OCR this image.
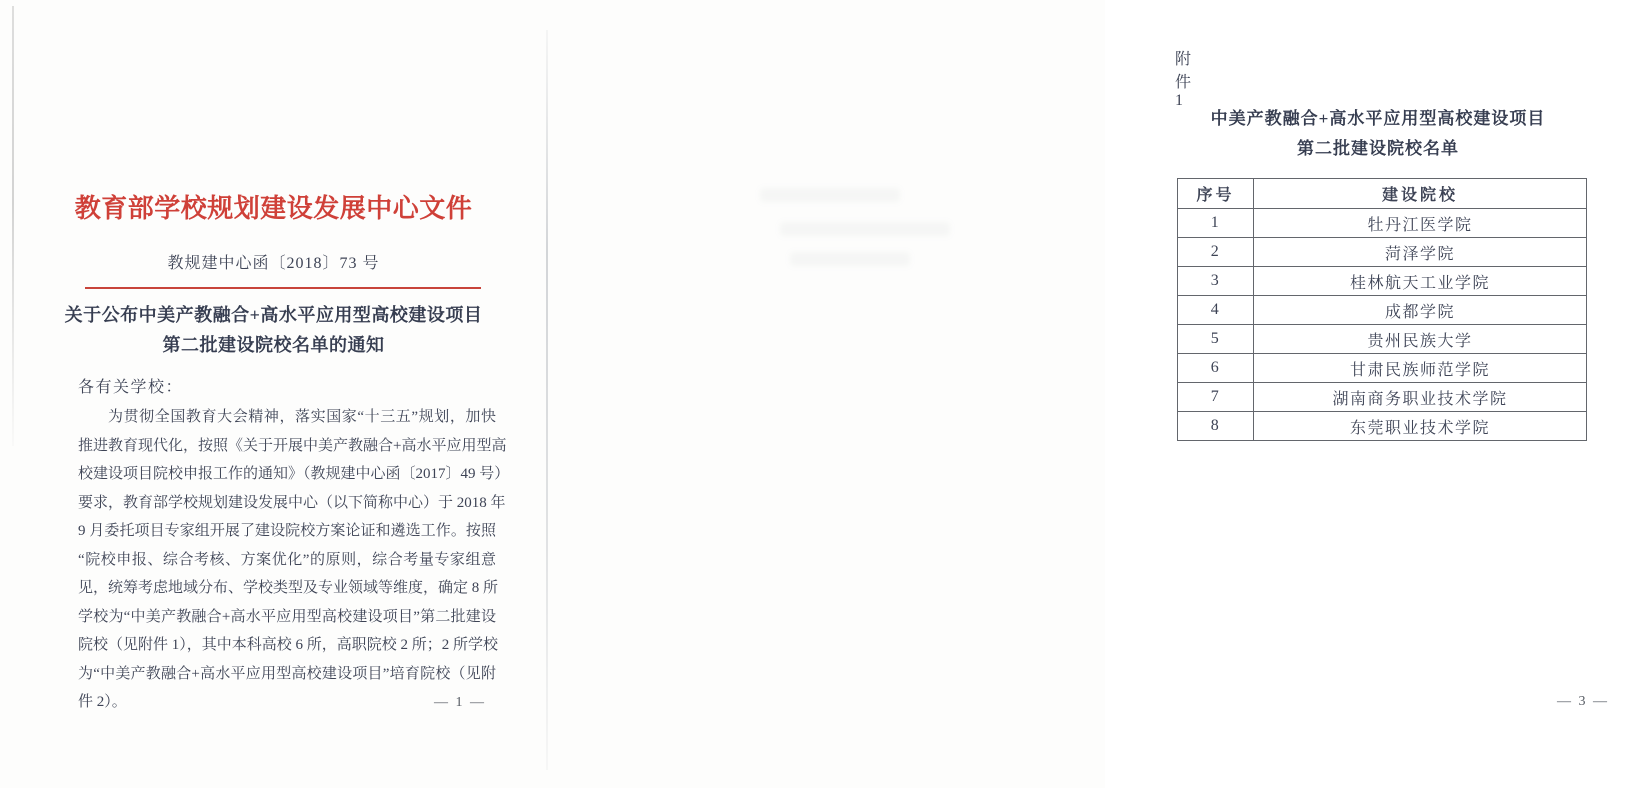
教育部学校规划建设发展中心文件
教规建中心函〔2018〕73 号
关于公布中美产教融合+高水平应用型高校建设项目
第二批建设院校名单的通知
各有关学校：
为贯彻全国教育大会精神，落实国家“十三五”规划，加快
推进教育现代化，按照《关于开展中美产教融合+高水平应用型高
校建设项目院校申报工作的通知》（教规建中心函〔2017〕49 号）
要求，教育部学校规划建设发展中心（以下简称中心）于 2018 年
9 月委托项目专家组开展了建设院校方案论证和遴选工作。按照
“院校申报、综合考核、方案优化”的原则，综合考量专家组意
见，统筹考虑地域分布、学校类型及专业领域等维度，确定 8 所
学校为“中美产教融合+高水平应用型高校建设项目”第二批建设
院校（见附件 1），其中本科高校 6 所，高职院校 2 所；2 所学校
为“中美产教融合+高水平应用型高校建设项目”培育院校（见附
件 2）。	— 1 —
附件 1
中美产教融合+高水平应用型高校建设项目
第二批建设院校名单
序号	建设院校
1	牡丹江医学院
2	菏泽学院
3	桂林航天工业学院
4	成都学院
5	贵州民族大学
6	甘肃民族师范学院
7	湖南商务职业技术学院
8	东莞职业技术学院
— 3 —
